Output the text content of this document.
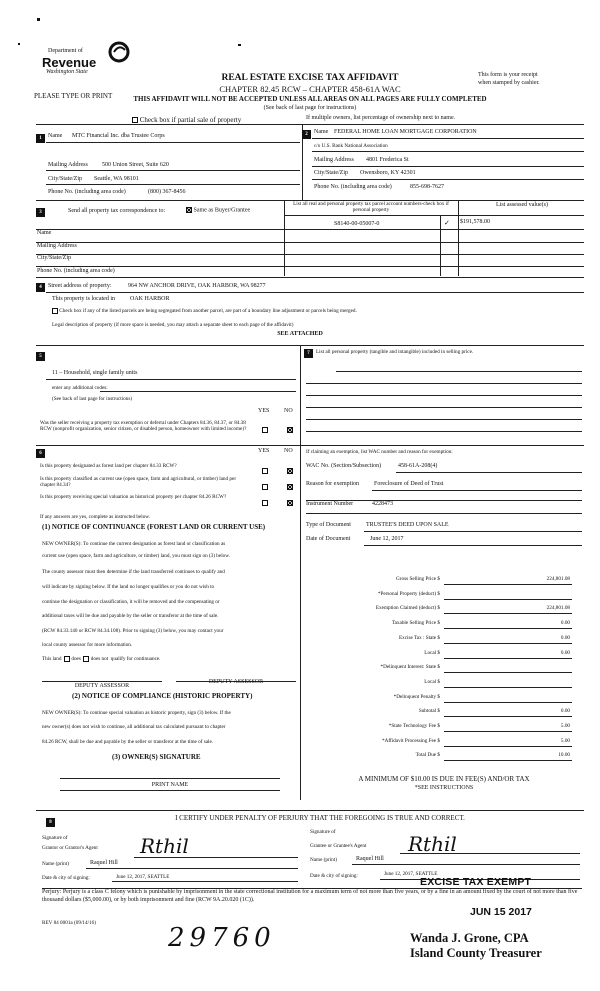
Department of
Revenue
Washington State
PLEASE TYPE OR PRINT
REAL ESTATE EXCISE TAX AFFIDAVIT
CHAPTER 82.45 RCW – CHAPTER 458-61A WAC
THIS AFFIDAVIT WILL NOT BE ACCEPTED UNLESS ALL AREAS ON ALL PAGES ARE FULLY COMPLETED
(See back of last page for instructions)
This form is your receipt
when stamped by cashier.
Check box if partial sale of property	If multiple owners, list percentage of ownership next to name.
1	Name MTC Financial Inc. dba Trustee Corps
Mailing Address 500 Union Street, Suite 620
City/State/Zip Seattle, WA 98101
Phone No. (including area code)	(800) 367-8456
2	Name FEDERAL HOME LOAN MORTGAGE CORPORATION
c/o U.S. Bank National Association
Mailing Address 4801 Frederica St
City/State/Zip Owensboro, KY 42301
Phone No. (including area code)	855-698-7627
3	Send all property tax correspondence to:	Same as Buyer/Grantee
List all real and personal property tax parcel account numbers-check box if personal property
List assessed value(s)
S8140-00-05007-0	✓ $191,578.00
Name
Mailing Address
City/State/Zip
Phone No. (including area code)
4	Street address of property:	964 NW ANCHOR DRIVE, OAK HARBOR, WA 98277
This property is located in	OAK HARBOR
Check box if any of the listed parcels are being segregated from another parcel, are part of a boundary line adjustment or parcels being merged.
Legal description of property (if more space is needed, you may attach a separate sheet to each page of the affidavit)
SEE ATTACHED
5
11 – Household, single family units
enter any additional codes:
(See back of last page for instructions)
YES NO
Was the seller receiving a property tax exemption or deferral under Chapters 84.36, 84.37, or 84.38 RCW (nonprofit organization, senior citizen, or disabled person, homeowner with limited income)?
7	List all personal property (tangible and intangible) included in selling price.
6	YES NO
Is this property designated as forest land per chapter 84.33 RCW?
Is this property classified as current use (open space, farm and agricultural, or timber) land per chapter 84.34?
Is this property receiving special valuation as historical property per chapter 84.26 RCW?
If any answers are yes, complete as instructed below.
(1) NOTICE OF CONTINUANCE (FOREST LAND OR CURRENT USE)
NEW OWNER(S): To continue the current designation as forest land or classification as
current use (open space, farm and agriculture, or timber) land, you must sign on (3) below.
The county assessor must then determine if the land transferred continues to qualify and
will indicate by signing below. If the land no longer qualifies or you do not wish to
continue the designation or classification, it will be removed and the compensating or
additional taxes will be due and payable by the seller or transferor at the time of sale.
(RCW 84.33.140 or RCW 84.34.108). Prior to signing (3) below, you may contact your
local county assessor for more information.
This land does does not qualify for continuance.
DEPUTY ASSESSOR
DEPUTY ASSESSOR
(2) NOTICE OF COMPLIANCE (HISTORIC PROPERTY)
NEW OWNER(S): To continue special valuation as historic property, sign (3) below. If the
new owner(s) does not wish to continue, all additional tax calculated pursuant to chapter
84.26 RCW, shall be due and payable by the seller or transferor at the time of sale.
(3) OWNER(S) SIGNATURE
PRINT NAME
If claiming an exemption, list WAC number and reason for exemption:
WAC No. (Section/Subsection)	458-61A-208(4)
Reason for exemption	Foreclosure of Deed of Trust
Instrument Number	4228473
Type of Document	TRUSTEE'S DEED UPON SALE
Date of Document	June 12, 2017
Gross Selling Price $	224,801.08
*Personal Property (deduct) $
Exemption Claimed (deduct) $	224,801.08
Taxable Selling Price $	0.00
Excise Tax : State $	0.00
Local $	0.00
*Delinquent Interest: State $
Local $
*Delinquent Penalty $
Subtotal $	0.00
*State Technology Fee $	5.00
*Affidavit Processing Fee $	5.00
Total Due $	10.00
A MINIMUM OF $10.00 IS DUE IN FEE(S) AND/OR TAX
*SEE INSTRUCTIONS
8
I CERTIFY UNDER PENALTY OF PERJURY THAT THE FOREGOING IS TRUE AND CORRECT.
Signature of
Grantor or Grantor's Agent Rthil
Signature of
Grantee or Grantee's Agent Rthil
Name (print)	Raquel Hill	Name (print)	Raquel Hill
Date & city of signing:	June 12, 2017, SEATTLE	Date & city of signing:	June 12, 2017, SEATTLE
EXCISE TAX EXEMPT
Perjury: Perjury is a class C felony which is punishable by imprisonment in the state correctional institution for a maximum term of not more than five years, or by a fine in an amount fixed by the court of not more than five thousand dollars ($5,000.00), or by both imprisonment and fine (RCW 9A.20.020 (1C)).
JUN 15 2017
REV 84 0001a (09/14/16)	29760	Wanda J. Grone, CPA
Island County Treasurer
